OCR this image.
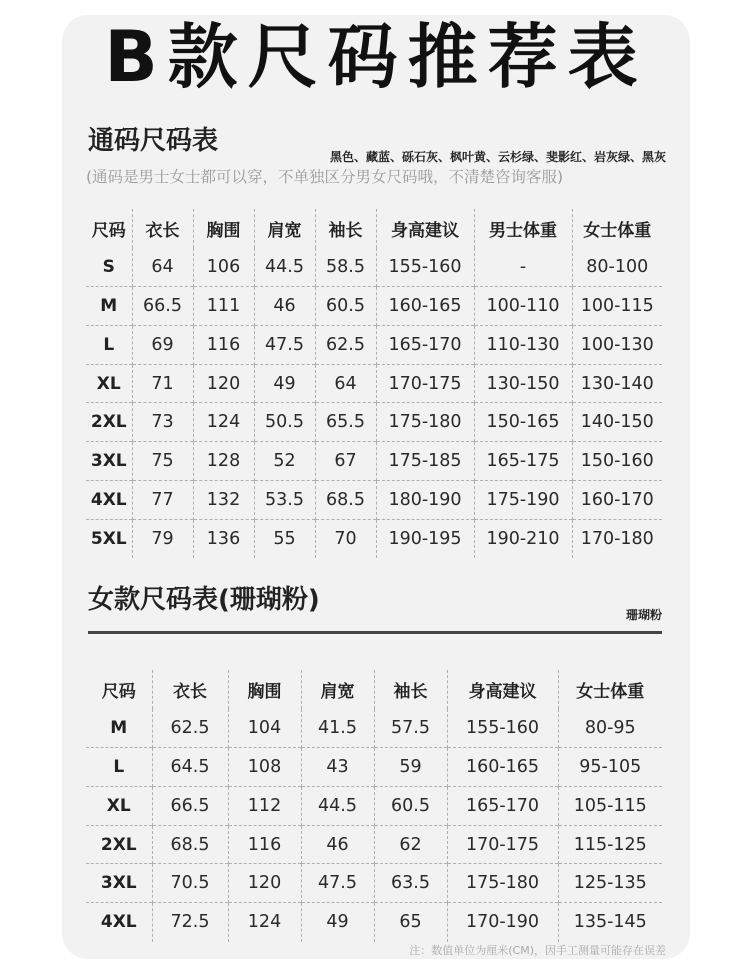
B款尺码推荐表
通码尺码表

黑色、藏蓝、砾石灰、枫叶黄、云杉绿、斐影红、岩灰绿、黑灰

(通码是男士女士都可以穿，不单独区分男女尺码哦，不清楚咨询客服)

尺码	衣长	胸围	肩宽	袖长	身高建议	男士体重	女士体重
S	64	106	44.5	58.5	155-160	-	80-100
M	66.5	111	46	60.5	160-165	100-110	100-115
L	69	116	47.5	62.5	165-170	110-130	100-130
XL	71	120	49	64	170-175	130-150	130-140
2XL	73	124	50.5	65.5	175-180	150-165	140-150
3XL	75	128	52	67	175-185	165-175	150-160
4XL	77	132	53.5	68.5	180-190	175-190	160-170
5XL	79	136	55	70	190-195	190-210	170-180
女款尺码表(珊瑚粉)	珊瑚粉

尺码	衣长	胸围	肩宽	袖长	身高建议	女士体重
M	62.5	104	41.5	57.5	155-160	80-95
L	64.5	108	43	59	160-165	95-105
XL	66.5	112	44.5	60.5	165-170	105-115
2XL	68.5	116	46	62	170-175	115-125
3XL	70.5	120	47.5	63.5	175-180	125-135
4XL	72.5	124	49	65	170-190	135-145

注：数值单位为厘米(CM)，因手工测量可能存在误差
